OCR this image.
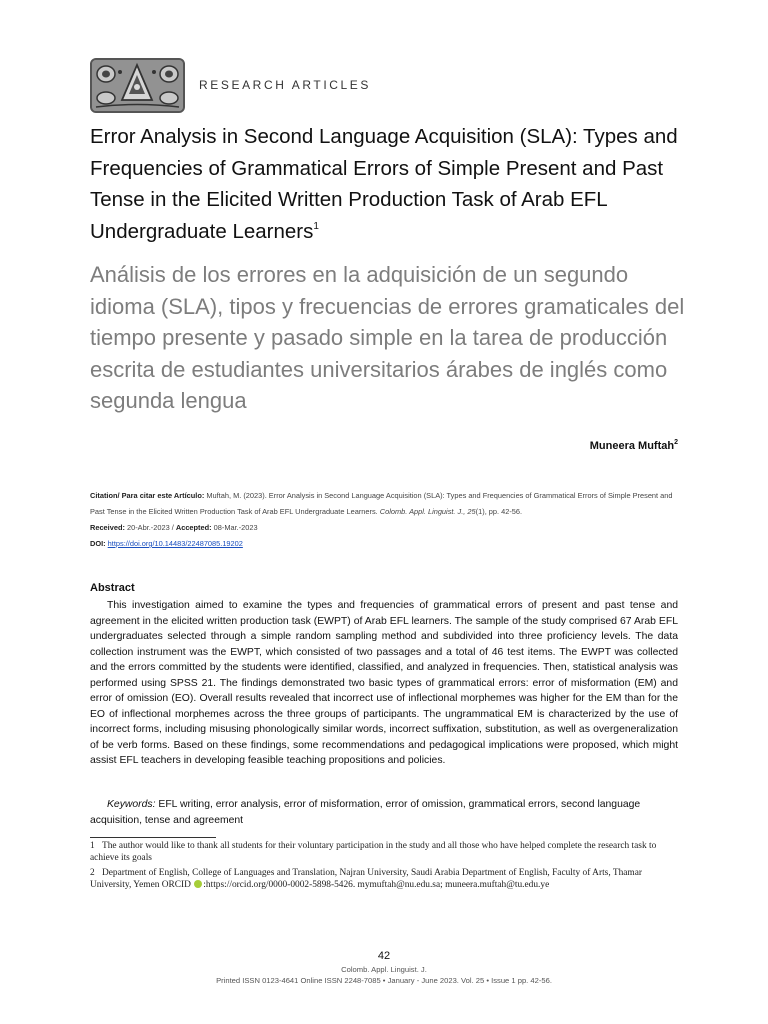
RESEARCH ARTICLES
Error Analysis in Second Language Acquisition (SLA): Types and Frequencies of Grammatical Errors of Simple Present and Past Tense in the Elicited Written Production Task of Arab EFL Undergraduate Learners$^1$
Análisis de los errores en la adquisición de un segundo idioma (SLA), tipos y frecuencias de errores gramaticales del tiempo presente y pasado simple en la tarea de producción escrita de estudiantes universitarios árabes de inglés como segunda lengua
Muneera Muftah$^2$
Citation/ Para citar este Artículo: Muftah, M. (2023). Error Analysis in Second Language Acquisition (SLA): Types and Frequencies of Grammatical Errors of Simple Present and Past Tense in the Elicited Written Production Task of Arab EFL Undergraduate Learners. Colomb. Appl. Linguist. J., 25(1), pp. 42-56.
Received: 20-Abr.-2023 / Accepted: 08-Mar.-2023
DOI: https://doi.org/10.14483/22487085.19202
Abstract

This investigation aimed to examine the types and frequencies of grammatical errors of present and past tense and agreement in the elicited written production task (EWPT) of Arab EFL learners. The sample of the study comprised 67 Arab EFL undergraduates selected through a simple random sampling method and subdivided into three proficiency levels. The data collection instrument was the EWPT, which consisted of two passages and a total of 46 test items. The EWPT was collected and the errors committed by the students were identified, classified, and analyzed in frequencies. Then, statistical analysis was performed using SPSS 21. The findings demonstrated two basic types of grammatical errors: error of misformation (EM) and error of omission (EO). Overall results revealed that incorrect use of inflectional morphemes was higher for the EM than for the EO of inflectional morphemes across the three groups of participants. The ungrammatical EM is characterized by the use of incorrect forms, including misusing phonologically similar words, incorrect suffixation, substitution, as well as overgeneralization of be verb forms. Based on these findings, some recommendations and pedagogical implications were proposed, which might assist EFL teachers in developing feasible teaching propositions and policies.

Keywords: EFL writing, error analysis, error of misformation, error of omission, grammatical errors, second language acquisition, tense and agreement

1 The author would like to thank all students for their voluntary participation in the study and all those who have helped complete the research task to achieve its goals
2 Department of English, College of Languages and Translation, Najran University, Saudi Arabia Department of English, Faculty of Arts, Thamar University, Yemen ORCID :https://orcid.org/0000-0002-5898-5426. mymuftah@nu.edu.sa; muneera.muftah@tu.edu.ye
42
Colomb. Appl. Linguist. J.
Printed ISSN 0123-4641 Online ISSN 2248-7085 • January - June 2023. Vol. 25 • Issue 1 pp. 42-56.
